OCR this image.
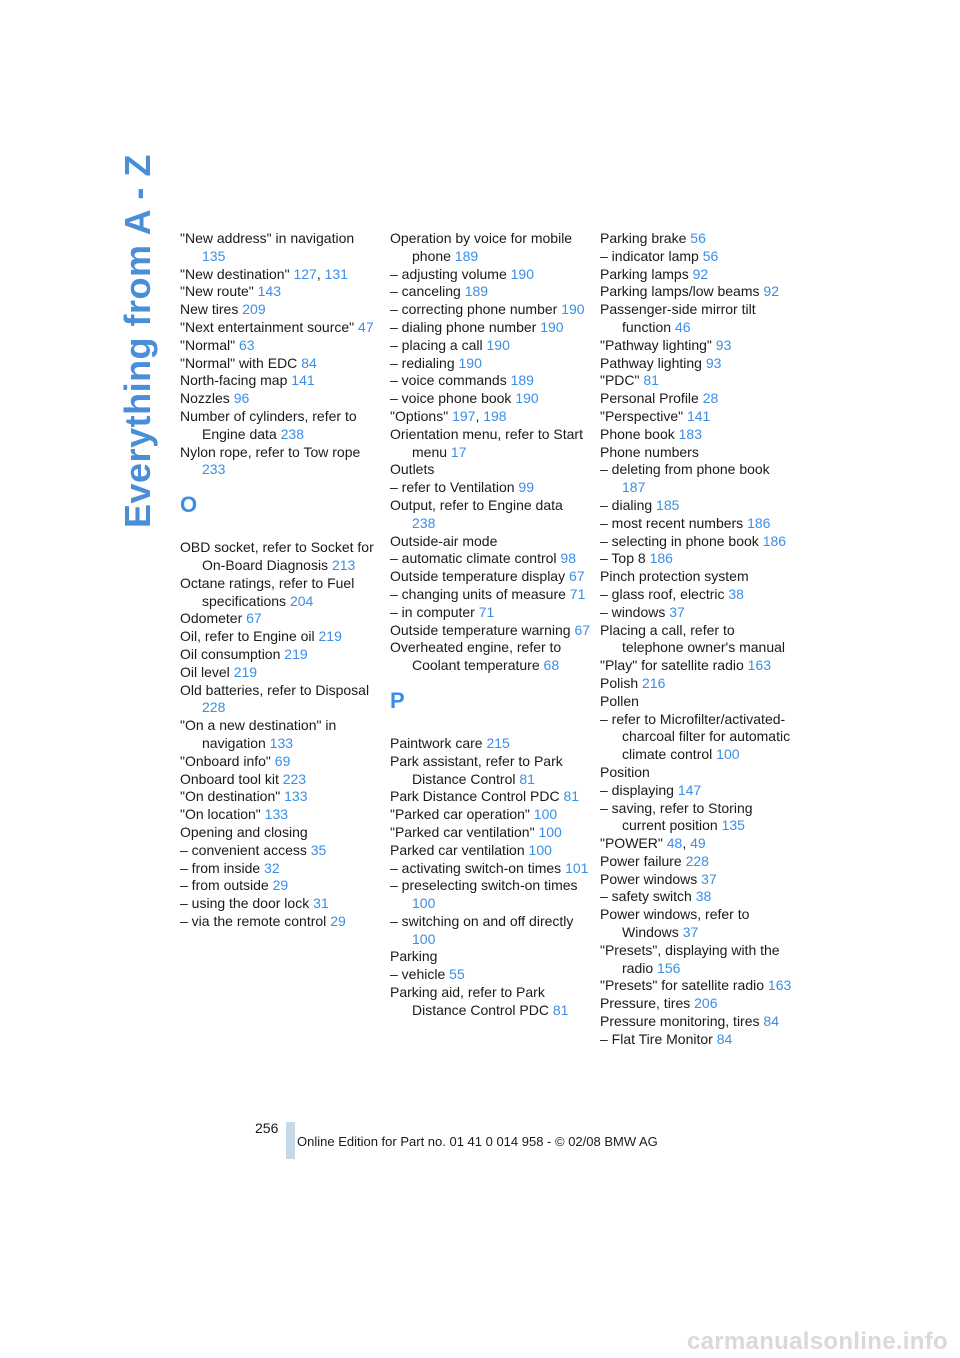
Everything from A - Z "New address" in navigation 135
"New destination" 127, 131
"New route" 143
New tires 209
"Next entertainment source" 47
"Normal" 63
"Normal" with EDC 84
North-facing map 141
Nozzles 96
Number of cylinders, refer to Engine data 238
Nylon rope, refer to Tow rope 233
O
OBD socket, refer to Socket for On-Board Diagnosis 213
Octane ratings, refer to Fuel specifications 204
Odometer 67
Oil, refer to Engine oil 219
Oil consumption 219
Oil level 219
Old batteries, refer to Disposal 228
"On a new destination" in navigation 133
"Onboard info" 69
Onboard tool kit 223
"On destination" 133
"On location" 133
Opening and closing
– convenient access 35
– from inside 32
– from outside 29
– using the door lock 31
– via the remote control 29
Operation by voice for mobile phone 189
– adjusting volume 190
– canceling 189
– correcting phone number 190
– dialing phone number 190
– placing a call 190
– redialing 190
– voice commands 189
– voice phone book 190
"Options" 197, 198
Orientation menu, refer to Start menu 17
Outlets
– refer to Ventilation 99
Output, refer to Engine data 238
Outside-air mode
– automatic climate control 98
Outside temperature display 67
– changing units of measure 71
– in computer 71
Outside temperature warning 67
Overheated engine, refer to Coolant temperature 68
P
Paintwork care 215
Park assistant, refer to Park Distance Control 81
Park Distance Control PDC 81
"Parked car operation" 100
"Parked car ventilation" 100
Parked car ventilation 100
– activating switch-on times 101
– preselecting switch-on times 100
– switching on and off directly 100
Parking
– vehicle 55
Parking aid, refer to Park Distance Control PDC 81
Parking brake 56
– indicator lamp 56
Parking lamps 92
Parking lamps/low beams 92
Passenger-side mirror tilt function 46
"Pathway lighting" 93
Pathway lighting 93
"PDC" 81
Personal Profile 28
"Perspective" 141
Phone book 183
Phone numbers
– deleting from phone book 187
– dialing 185
– most recent numbers 186
– selecting in phone book 186
– Top 8 186
Pinch protection system
– glass roof, electric 38
– windows 37
Placing a call, refer to telephone owner's manual
"Play" for satellite radio 163
Polish 216
Pollen
– refer to Microfilter/activated-charcoal filter for automatic climate control 100
Position
– displaying 147
– saving, refer to Storing current position 135
"POWER" 48, 49
Power failure 228
Power windows 37
– safety switch 38
Power windows, refer to Windows 37
"Presets", displaying with the radio 156
"Presets" for satellite radio 163
Pressure, tires 206
Pressure monitoring, tires 84
– Flat Tire Monitor 84
256
Online Edition for Part no. 01 41 0 014 958 - © 02/08 BMW AG
carmanualsonline.info
